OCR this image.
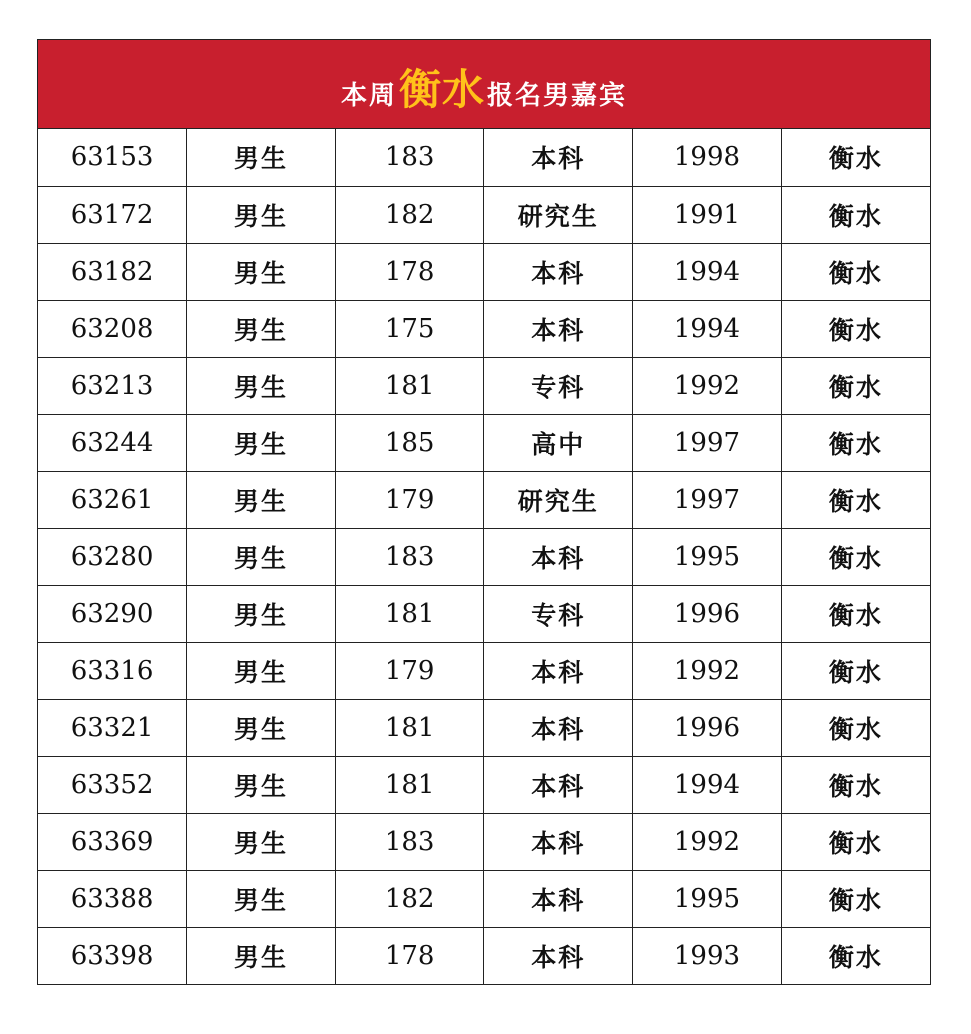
本周 衡水 报名男嘉宾
63153	男生	183	本科	1998	衡水
63172	男生	182	研究生	1991	衡水
63182	男生	178	本科	1994	衡水
63208	男生	175	本科	1994	衡水
63213	男生	181	专科	1992	衡水
63244	男生	185	高中	1997	衡水
63261	男生	179	研究生	1997	衡水
63280	男生	183	本科	1995	衡水
63290	男生	181	专科	1996	衡水
63316	男生	179	本科	1992	衡水
63321	男生	181	本科	1996	衡水
63352	男生	181	本科	1994	衡水
63369	男生	183	本科	1992	衡水
63388	男生	182	本科	1995	衡水
63398	男生	178	本科	1993	衡水
